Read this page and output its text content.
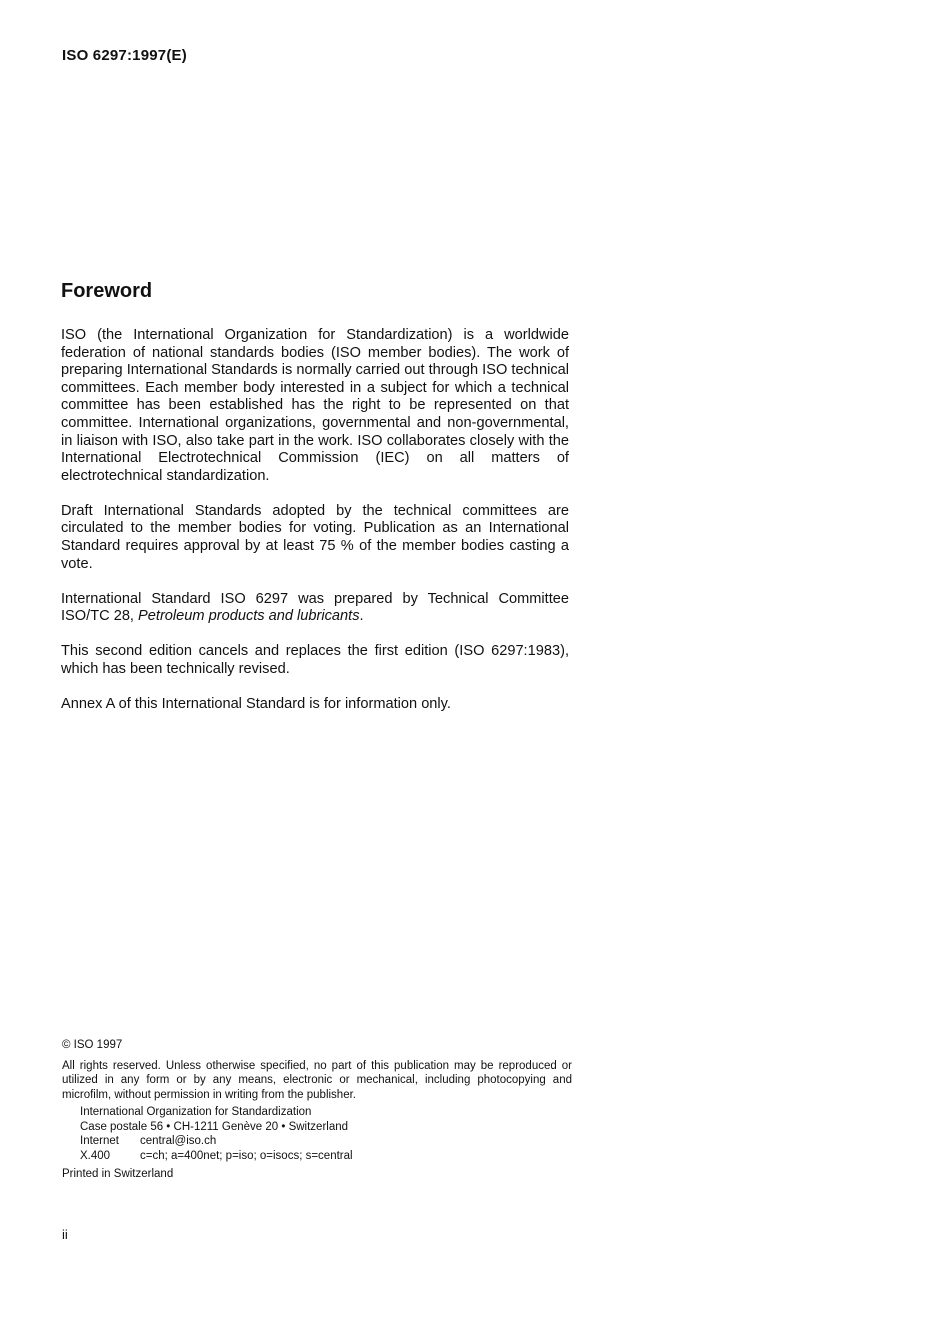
ISO 6297:1997(E)
Foreword

ISO (the International Organization for Standardization) is a worldwide federation of national standards bodies (ISO member bodies). The work of preparing International Standards is normally carried out through ISO technical committees. Each member body interested in a subject for which a technical committee has been established has the right to be represented on that committee. International organizations, governmental and non-governmental, in liaison with ISO, also take part in the work. ISO collaborates closely with the International Electrotechnical Commission (IEC) on all matters of electrotechnical standardization.

Draft International Standards adopted by the technical committees are circulated to the member bodies for voting. Publication as an International Standard requires approval by at least 75 % of the member bodies casting a vote.

International Standard ISO 6297 was prepared by Technical Committee ISO/TC 28, Petroleum products and lubricants.

This second edition cancels and replaces the first edition (ISO 6297:1983), which has been technically revised.

Annex A of this International Standard is for information only.

© ISO 1997
All rights reserved. Unless otherwise specified, no part of this publication may be reproduced or utilized in any form or by any means, electronic or mechanical, including photocopying and microfilm, without permission in writing from the publisher.
International Organization for Standardization
Case postale 56 • CH-1211 Genève 20 • Switzerland
Internet	central@iso.ch
X.400	c=ch; a=400net; p=iso; o=isocs; s=central
Printed in Switzerland
ii
